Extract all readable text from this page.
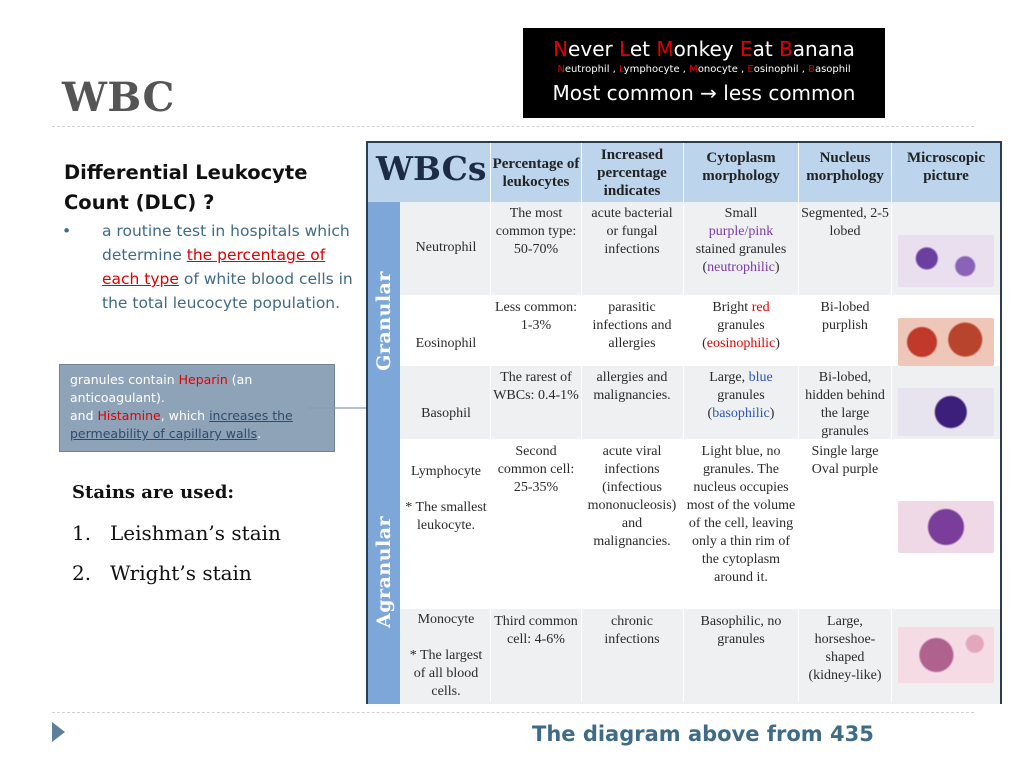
WBC
Never Let Monkey Eat Banana
Neutrophil , Lymphocyte , Monocyte , Eosinophil , Basophil
Most common → less common
Differential Leukocyte Count (DLC) ?
•	a routine test in hospitals which determine the percentage of each type of white blood cells in the total leucocyte population.
granules contain Heparin (an anticoagulant).
and Histamine, which increases the permeability of capillary walls.
Stains are used:
1. Leishman’s stain
2. Wright’s stain
WBCs Percentage of leukocytes
Increased percentage indicates
Cytoplasm morphology
Nucleus morphology
Microscopic picture
Granular
Agranular
Neutrophil
The most common type: 50-70%
acute bacterial or fungal infections
Small
purple/pink
stained granules
(neutrophilic)
Segmented, 2-5 lobed
Eosinophil
Less common: 1-3%
parasitic infections and allergies
Bright red
granules
(eosinophilic)
Bi-lobed purplish
Basophil
The rarest of WBCs: 0.4-1%
allergies and malignancies.
Large, blue
granules
(basophilic)
Bi-lobed, hidden behind the large granules
Lymphocyte
* The smallest leukocyte.
Second common cell: 25-35%
acute viral infections (infectious mononucleosis) and malignancies.
Light blue, no granules. The nucleus occupies most of the volume of the cell, leaving only a thin rim of the cytoplasm around it.
Single large Oval purple
Monocyte
* The largest of all blood cells.
Third common cell: 4-6%
chronic infections
Basophilic, no granules
Large, horseshoe-shaped (kidney-like)
The diagram above from 435
